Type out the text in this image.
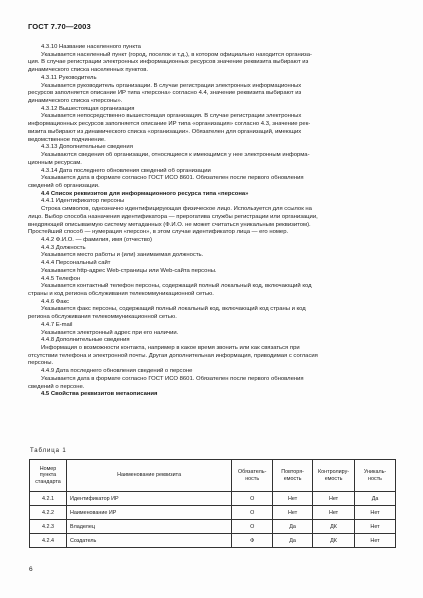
ГОСТ 7.70—2003
4.3.10 Название населенного пункта
Указывается населенный пункт (город, поселок и т.д.), в котором официально находится организа-
ция. В случае регистрации электронных информационных ресурсов значение реквизита выбирают из
динамического списка населенных пунктов.
4.3.11 Руководитель
Указывается руководитель организации. В случае регистрации электронных информационных
ресурсов заполняется описание ИР типа «персона» согласно 4.4, значение реквизита выбирают из
динамического списка «персоны».
4.3.12 Вышестоящая организация
Указывается непосредственно вышестоящая организация. В случае регистрации электронных
информационных ресурсов заполняется описание ИР типа «организация» согласно 4.3, значение рек-
визита выбирают из динамического списка «организации». Обязателен для организаций, имеющих
ведомственное подчинение.
4.3.13 Дополнительные сведения
Указываются сведения об организации, относящиеся к имеющимся у нее электронным информа-
ционным ресурсам.
4.3.14 Дата последнего обновления сведений об организации
Указывается дата в формате согласно ГОСТ ИСО 8601. Обязателен после первого обновления
сведений об организации.
4.4 Список реквизитов для информационного ресурса типа «персона»
4.4.1 Идентификатор персоны
Строка символов, однозначно идентифицирующая физическое лицо. Используется для ссылок на
лицо. Выбор способа назначения идентификатора — прерогатива службы регистрации или организации,
внедряющей описываемую систему метаданных (Ф.И.О. не может считаться уникальным реквизитом).
Простейший способ — нумерация «персон», в этом случае идентификатор лица — его номер.
4.4.2 Ф.И.О. — фамилия, имя (отчество)
4.4.3 Должность
Указывается место работы и (или) занимаемая должность.
4.4.4 Персональный сайт
Указывается http-адрес Web-страницы или Web-сайта персоны.
4.4.5 Телефон
Указывается контактный телефон персоны, содержащий полный локальный код, включающий код
страны и код региона обслуживания телекоммуникационной сетью.
4.4.6 Факс
Указывается факс персоны, содержащий полный локальный код, включающий код страны и код
региона обслуживания телекоммуникационной сетью.
4.4.7 E-mail
Указывается электронный адрес при его наличии.
4.4.8 Дополнительные сведения
Информация о возможности контакта, например в какое время звонить или как связаться при
отсутствии телефона и электронной почты. Другая дополнительная информация, приводимая с согласия
персоны.
4.4.9 Дата последнего обновления сведений о персоне
Указывается дата в формате согласно ГОСТ ИСО 8601. Обязателен после первого обновления
сведений о персоне.
4.5 Свойства реквизитов метаописания
Таблица 1
Номер пункта стандарта	Наименование реквизита	Обязатель-ность	Повторя-емость	Контролиру-емость	Уникаль-ность
4.2.1	Идентификатор ИР	О	Нет	Нет	Да
4.2.2	Наименование ИР	О	Нет	Нет	Нет
4.2.3	Владелец	О	Да	ДК	Нет
4.2.4	Создатель	Ф	Да	ДК	Нет
6
